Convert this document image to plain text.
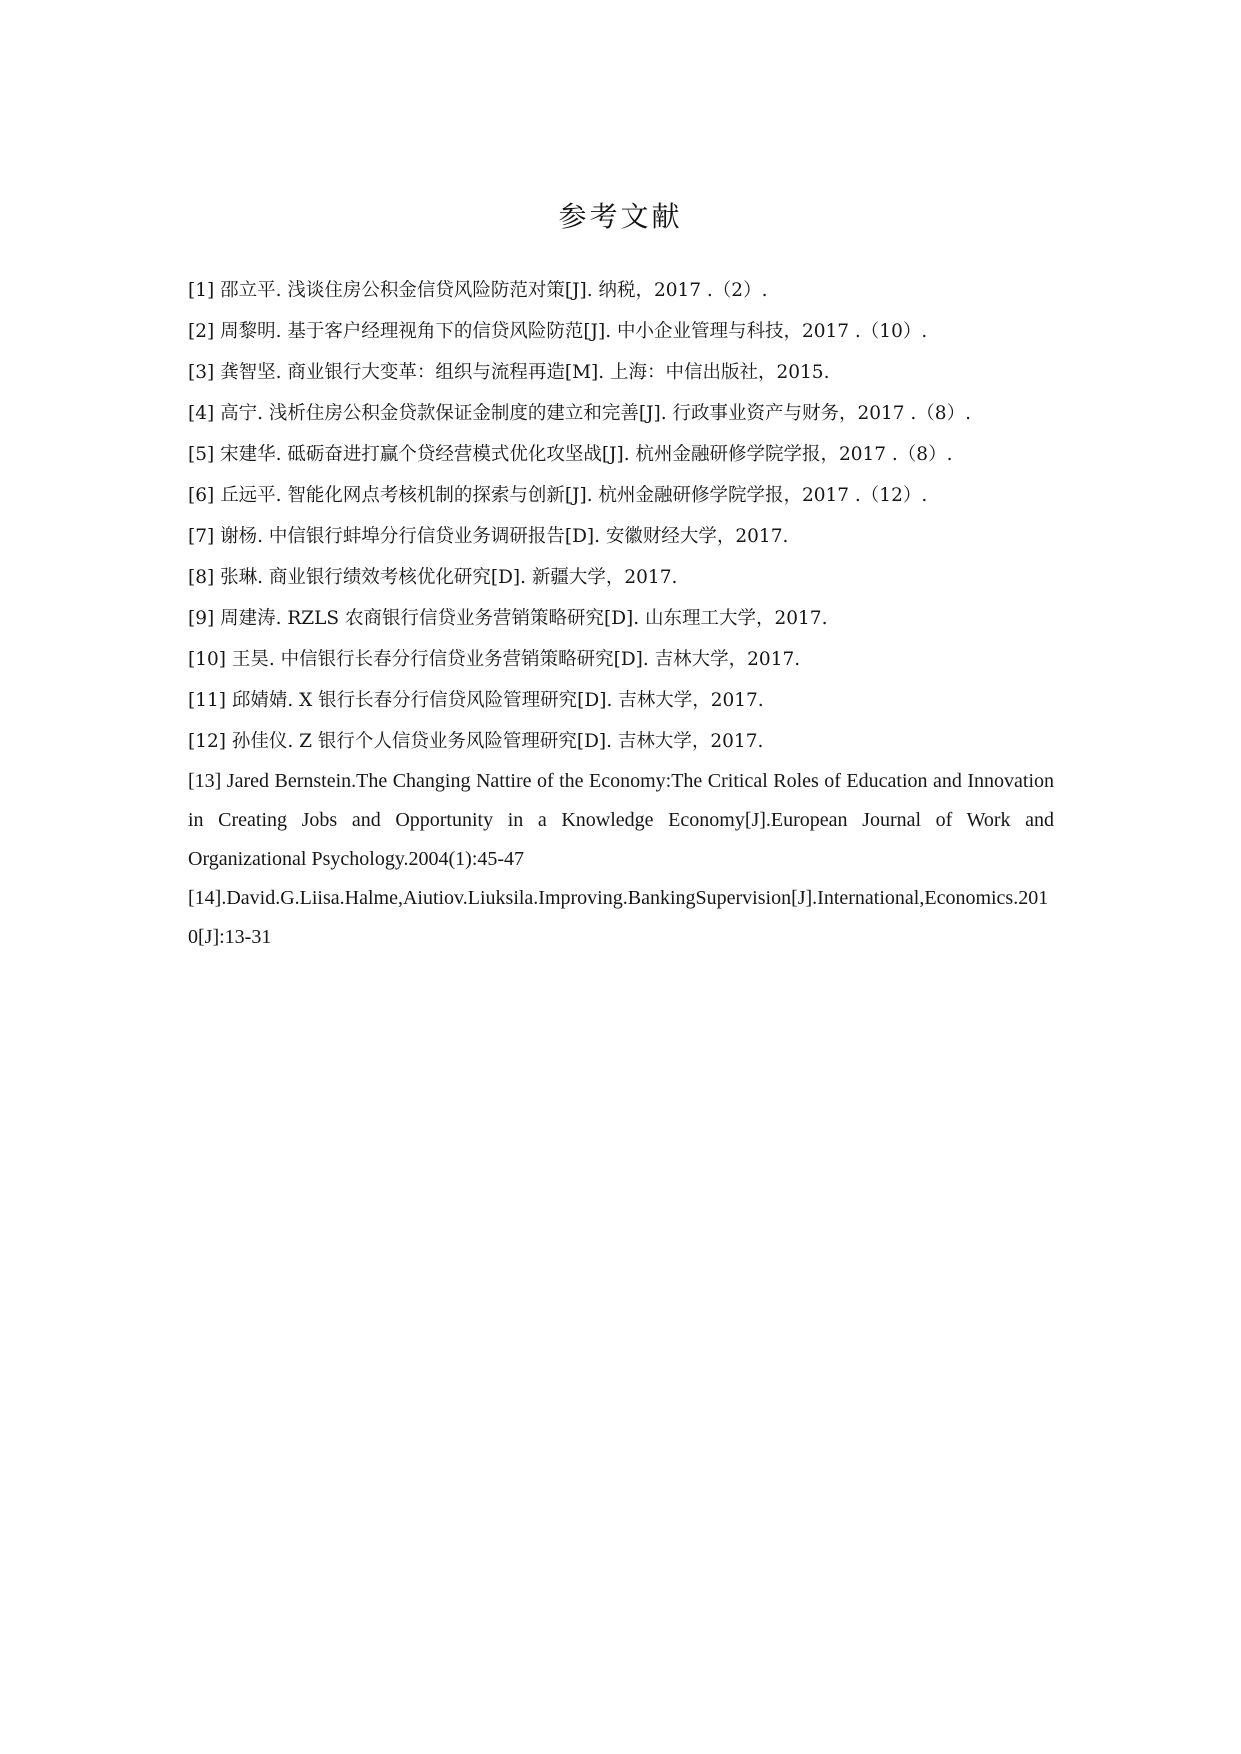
参考文献

[1] 邵立平. 浅谈住房公积金信贷风险防范对策[J]. 纳税，2017 .（2）.

[2] 周黎明. 基于客户经理视角下的信贷风险防范[J]. 中小企业管理与科技，2017 .（10）.

[3] 龚智坚. 商业银行大变革：组织与流程再造[M]. 上海：中信出版社，2015.

[4] 高宁. 浅析住房公积金贷款保证金制度的建立和完善[J]. 行政事业资产与财务，2017 .（8）.

[5] 宋建华. 砥砺奋进打赢个贷经营模式优化攻坚战[J]. 杭州金融研修学院学报，2017 .（8）.

[6] 丘远平. 智能化网点考核机制的探索与创新[J]. 杭州金融研修学院学报，2017 .（12）.

[7] 谢杨. 中信银行蚌埠分行信贷业务调研报告[D]. 安徽财经大学，2017.

[8] 张琳. 商业银行绩效考核优化研究[D]. 新疆大学，2017.

[9] 周建涛. RZLS 农商银行信贷业务营销策略研究[D]. 山东理工大学，2017.

[10] 王昊. 中信银行长春分行信贷业务营销策略研究[D]. 吉林大学，2017.

[11] 邱婧婧. X 银行长春分行信贷风险管理研究[D]. 吉林大学，2017.

[12] 孙佳仪. Z 银行个人信贷业务风险管理研究[D]. 吉林大学，2017.

[13] Jared Bernstein.The Changing Nattire of the Economy:The Critical Roles of Education and Innovation in Creating Jobs and Opportunity in a Knowledge Economy[J].European Journal of Work and Organizational Psychology.2004(1):45-47

[14].David.G.Liisa.Halme,Aiutiov.Liuksila.Improving.BankingSupervision[J].International,Economics.2010[J]:13-31
